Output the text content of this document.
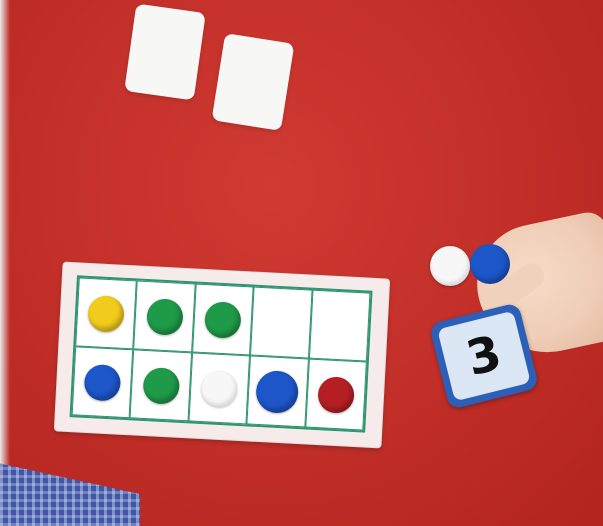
3
